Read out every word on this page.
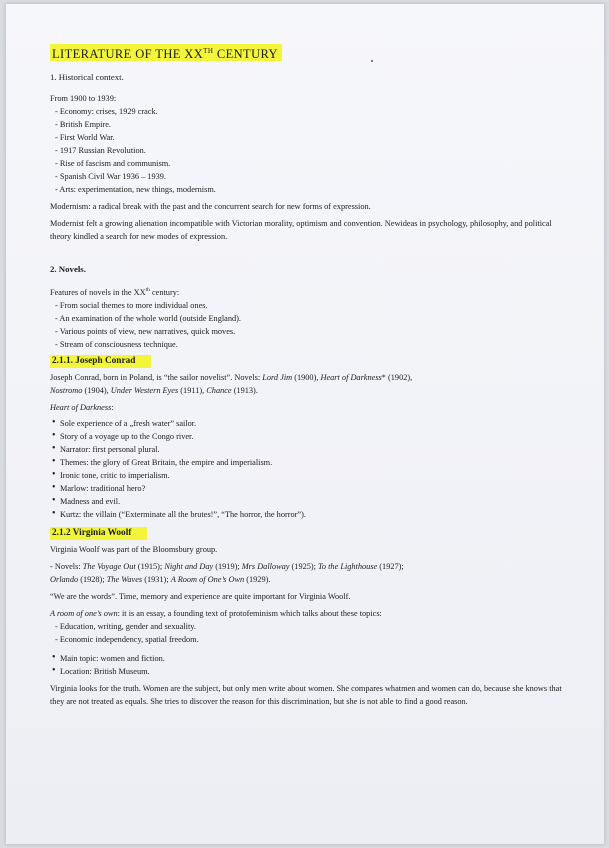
LITERATURE OF THE XXTH CENTURY
1. Historical context.

From 1900 to 1939:

- Economy: crises, 1929 crack.
- British Empire.
- First World War.
- 1917 Russian Revolution.
- Rise of fascism and communism.
- Spanish Civil War 1936 – 1939.
- Arts: experimentation, new things, modernism.

Modernism: a radical break with the past and the concurrent search for new forms of expression.

Modernist felt a growing alienation incompatible with Victorian morality, optimism and convention. Newideas in psychology, philosophy, and political theory kindled a search for new modes of expression.

2. Novels.

Features of novels in the XXth century:

- From social themes to more individual ones.
- An examination of the whole world (outside England).
- Various points of view, new narratives, quick moves.
- Stream of consciousness technique.
2.1.1. Joseph Conrad

Joseph Conrad, born in Poland, is “the sailor novelist”. Novels: Lord Jim (1900), Heart of Darkness* (1902),
Nostromo (1904), Under Western Eyes (1911), Chance (1913).

Heart of Darkness:

• Sole experience of a „fresh water” sailor.
• Story of a voyage up to the Congo river.
• Narrator: first personal plural.
• Themes: the glory of Great Britain, the empire and imperialism.
• Ironic tone, critic to imperialism.
• Marlow: traditional hero?
• Madness and evil.
• Kurtz: the villain (“Exterminate all the brutes!”, “The horror, the horror”).
2.1.2 Virginia Woolf

Virginia Woolf was part of the Bloomsbury group.

- Novels: The Voyage Out (1915); Night and Day (1919); Mrs Dalloway (1925); To the Lighthouse (1927);
Orlando (1928); The Waves (1931); A Room of One’s Own (1929).

“We are the words”. Time, memory and experience are quite important for Virginia Woolf.

A room of one’s own: it is an essay, a founding text of protofeminism which talks about these topics:

- Education, writing, gender and sexuality.
- Economic independency, spatial freedom.
• Main topic: women and fiction.
• Location: British Museum.

Virginia looks for the truth. Women are the subject, but only men write about women. She compares whatmen and women can do, because she knows that they are not treated as equals. She tries to discover the reason for this discrimination, but she is not able to find a good reason.
